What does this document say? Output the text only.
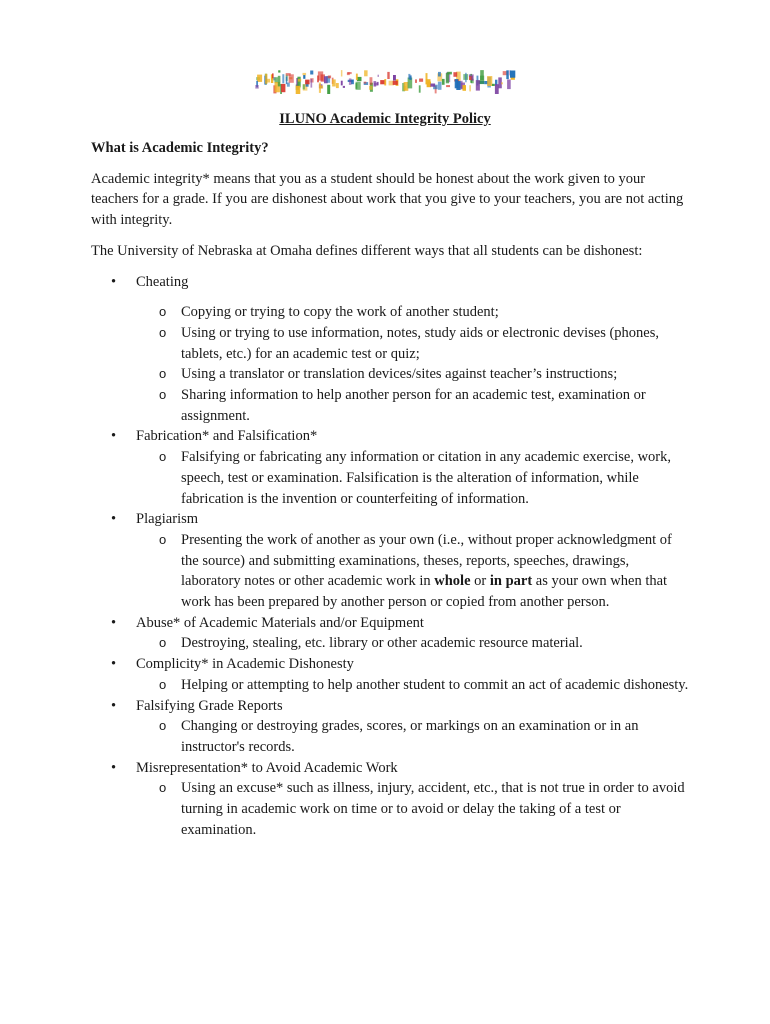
ILUNO Academic Integrity Policy
What is Academic Integrity?
Academic integrity* means that you as a student should be honest about the work given to your teachers for a grade. If you are dishonest about work that you give to your teachers, you are not acting with integrity.
The University of Nebraska at Omaha defines different ways that all students can be dishonest:
• Cheating
o Copying or trying to copy the work of another student;
o Using or trying to use information, notes, study aids or electronic devises (phones, tablets, etc.) for an academic test or quiz;
o Using a translator or translation devices/sites against teacher’s instructions;
o Sharing information to help another person for an academic test, examination or assignment.
• Fabrication* and Falsification*
o Falsifying or fabricating any information or citation in any academic exercise, work, speech, test or examination. Falsification is the alteration of information, while fabrication is the invention or counterfeiting of information.
• Plagiarism
o Presenting the work of another as your own (i.e., without proper acknowledgment of the source) and submitting examinations, theses, reports, speeches, drawings, laboratory notes or other academic work in whole or in part as your own when that work has been prepared by another person or copied from another person.
• Abuse* of Academic Materials and/or Equipment
o Destroying, stealing, etc. library or other academic resource material.
• Complicity* in Academic Dishonesty
o Helping or attempting to help another student to commit an act of academic dishonesty.
• Falsifying Grade Reports
o Changing or destroying grades, scores, or markings on an examination or in an instructor's records.
• Misrepresentation* to Avoid Academic Work
o Using an excuse* such as illness, injury, accident, etc., that is not true in order to avoid turning in academic work on time or to avoid or delay the taking of a test or examination.
